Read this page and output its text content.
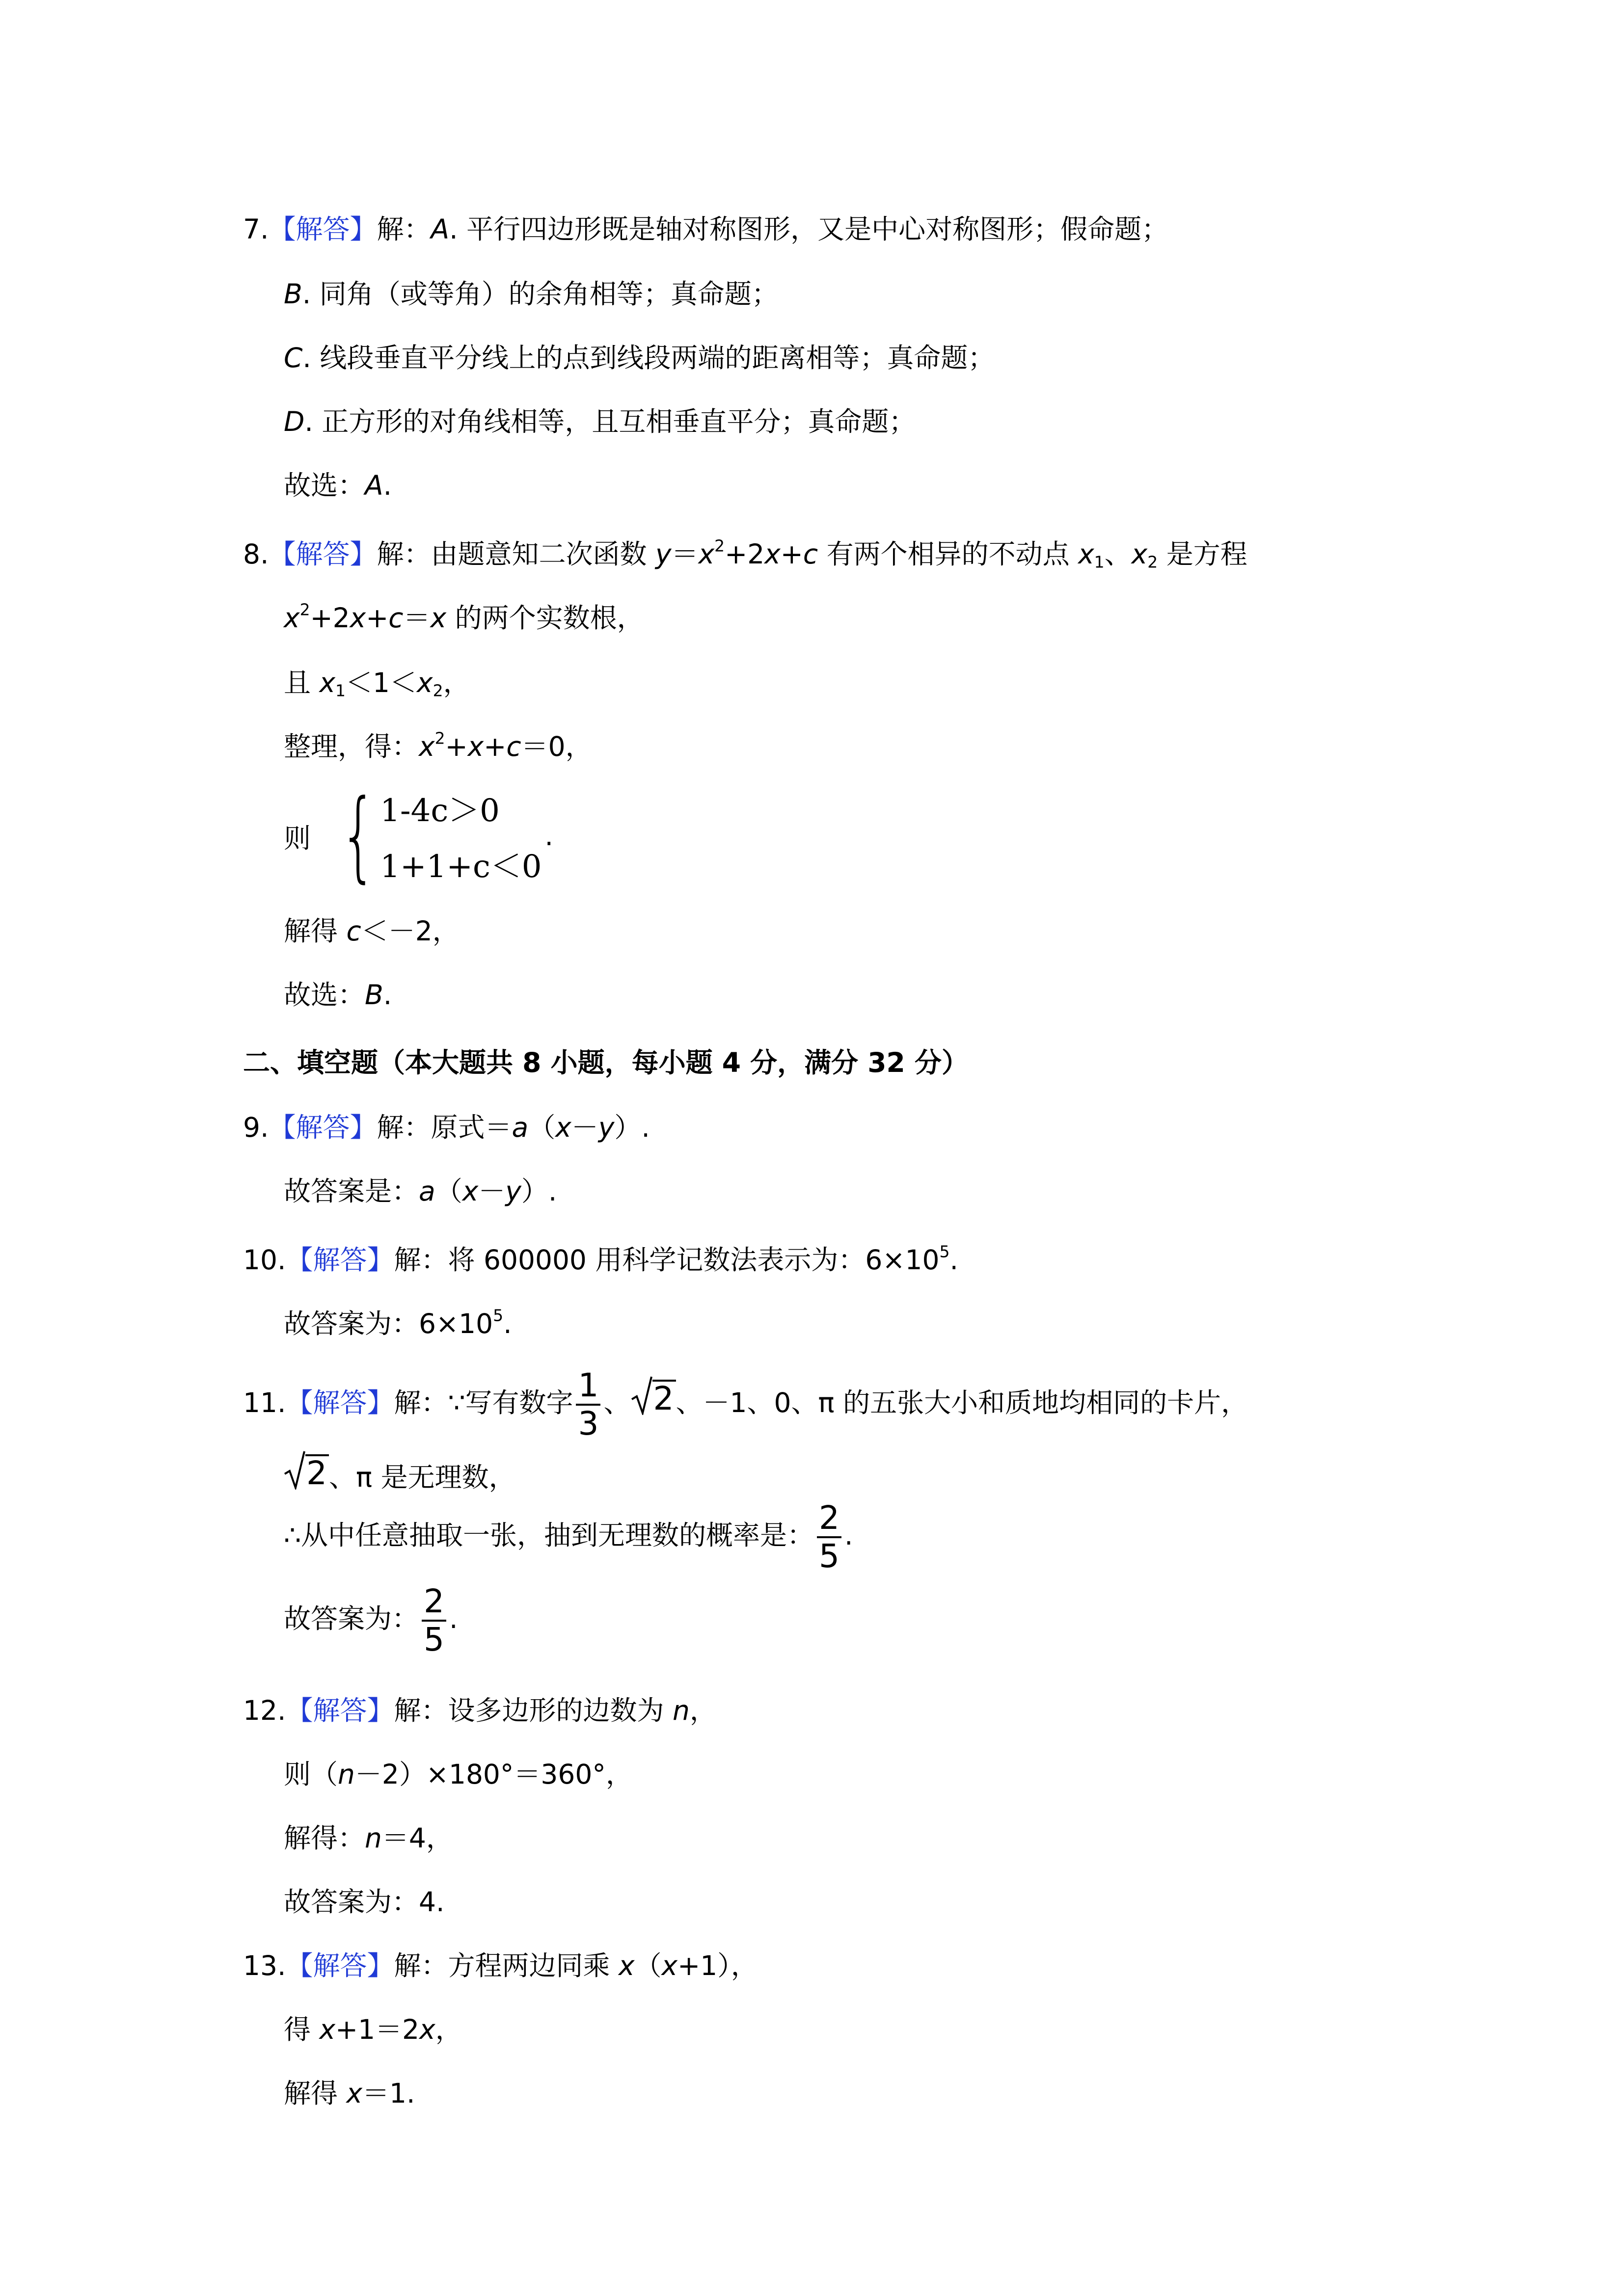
7.【解答】解：A. 平行四边形既是轴对称图形，又是中心对称图形；假命题；
B. 同角（或等角）的余角相等；真命题；
C. 线段垂直平分线上的点到线段两端的距离相等；真命题；
D. 正方形的对角线相等，且互相垂直平分；真命题；
故选：A.
8.【解答】解：由题意知二次函数 $y=x^2+2x+c$ 有两个相异的不动点 $x_1$、$x_2$ 是方程
$x^2+2x+c=x$ 的两个实数根，
且 $x_1<1<x_2$，
整理，得：$x^2+x+c=0$，
则 { 1-4c＞0
1+1+c＜0
.
解得 c＜－2，
故选：B.
二、填空题（本大题共 8 小题，每小题 4 分，满分 32 分）
9.【解答】解：原式＝a（x－y）.
故答案是：a（x－y）.
10.【解答】解：将 600000 用科学记数法表示为：$6\times 10^5$.
故答案为：$6\times 10^5$.
11.【解答】解：∵写有数字 $\frac{1}{3}$ 、 2 、－1、0、π 的五张大小和质地均相同的卡片，
2 、π 是无理数，
∴从中任意抽取一张，抽到无理数的概率是： $\frac{2}{5}$ .
故答案为： $\frac{2}{5}$ .
12.【解答】解：设多边形的边数为 n，
则（n－2）×180°＝360°，
解得：n＝4，
故答案为：4.
13.【解答】解：方程两边同乘 x（x+1），
得 x+1＝2x，
解得 x＝1.
